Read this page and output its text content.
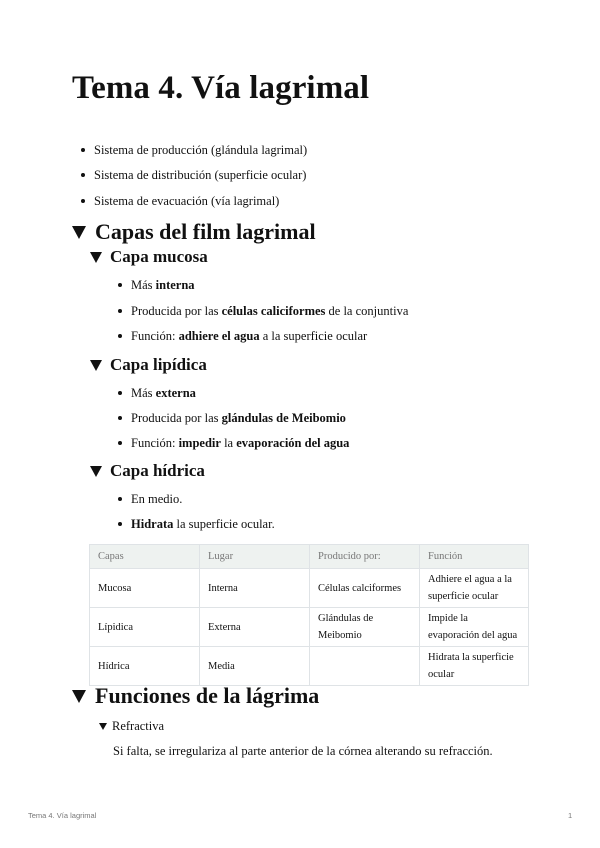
Tema 4. Vía lagrimal
Sistema de producción (glándula lagrimal)
Sistema de distribución (superficie ocular)
Sistema de evacuación (vía lagrimal)
Capas del film lagrimal
Capa mucosa
Más interna
Producida por las células caliciformes de la conjuntiva
Función: adhiere el agua a la superficie ocular
Capa lipídica
Más externa
Producida por las glándulas de Meibomio
Función: impedir la evaporación del agua
Capa hídrica
En medio.
Hidrata la superficie ocular.
Capas	Lugar	Producido por:	Función
Mucosa	Interna	Células calciformes	Adhiere el agua a la superficie ocular
Lípidica	Externa	Glándulas de Meibomio	Impide la evaporación del agua
Hídrica	Media		Hidrata la superficie ocular
Funciones de la lágrima
Refractiva
Si falta, se irregulariza al parte anterior de la córnea alterando su refracción.
Tema 4. Vía lagrimal	1
